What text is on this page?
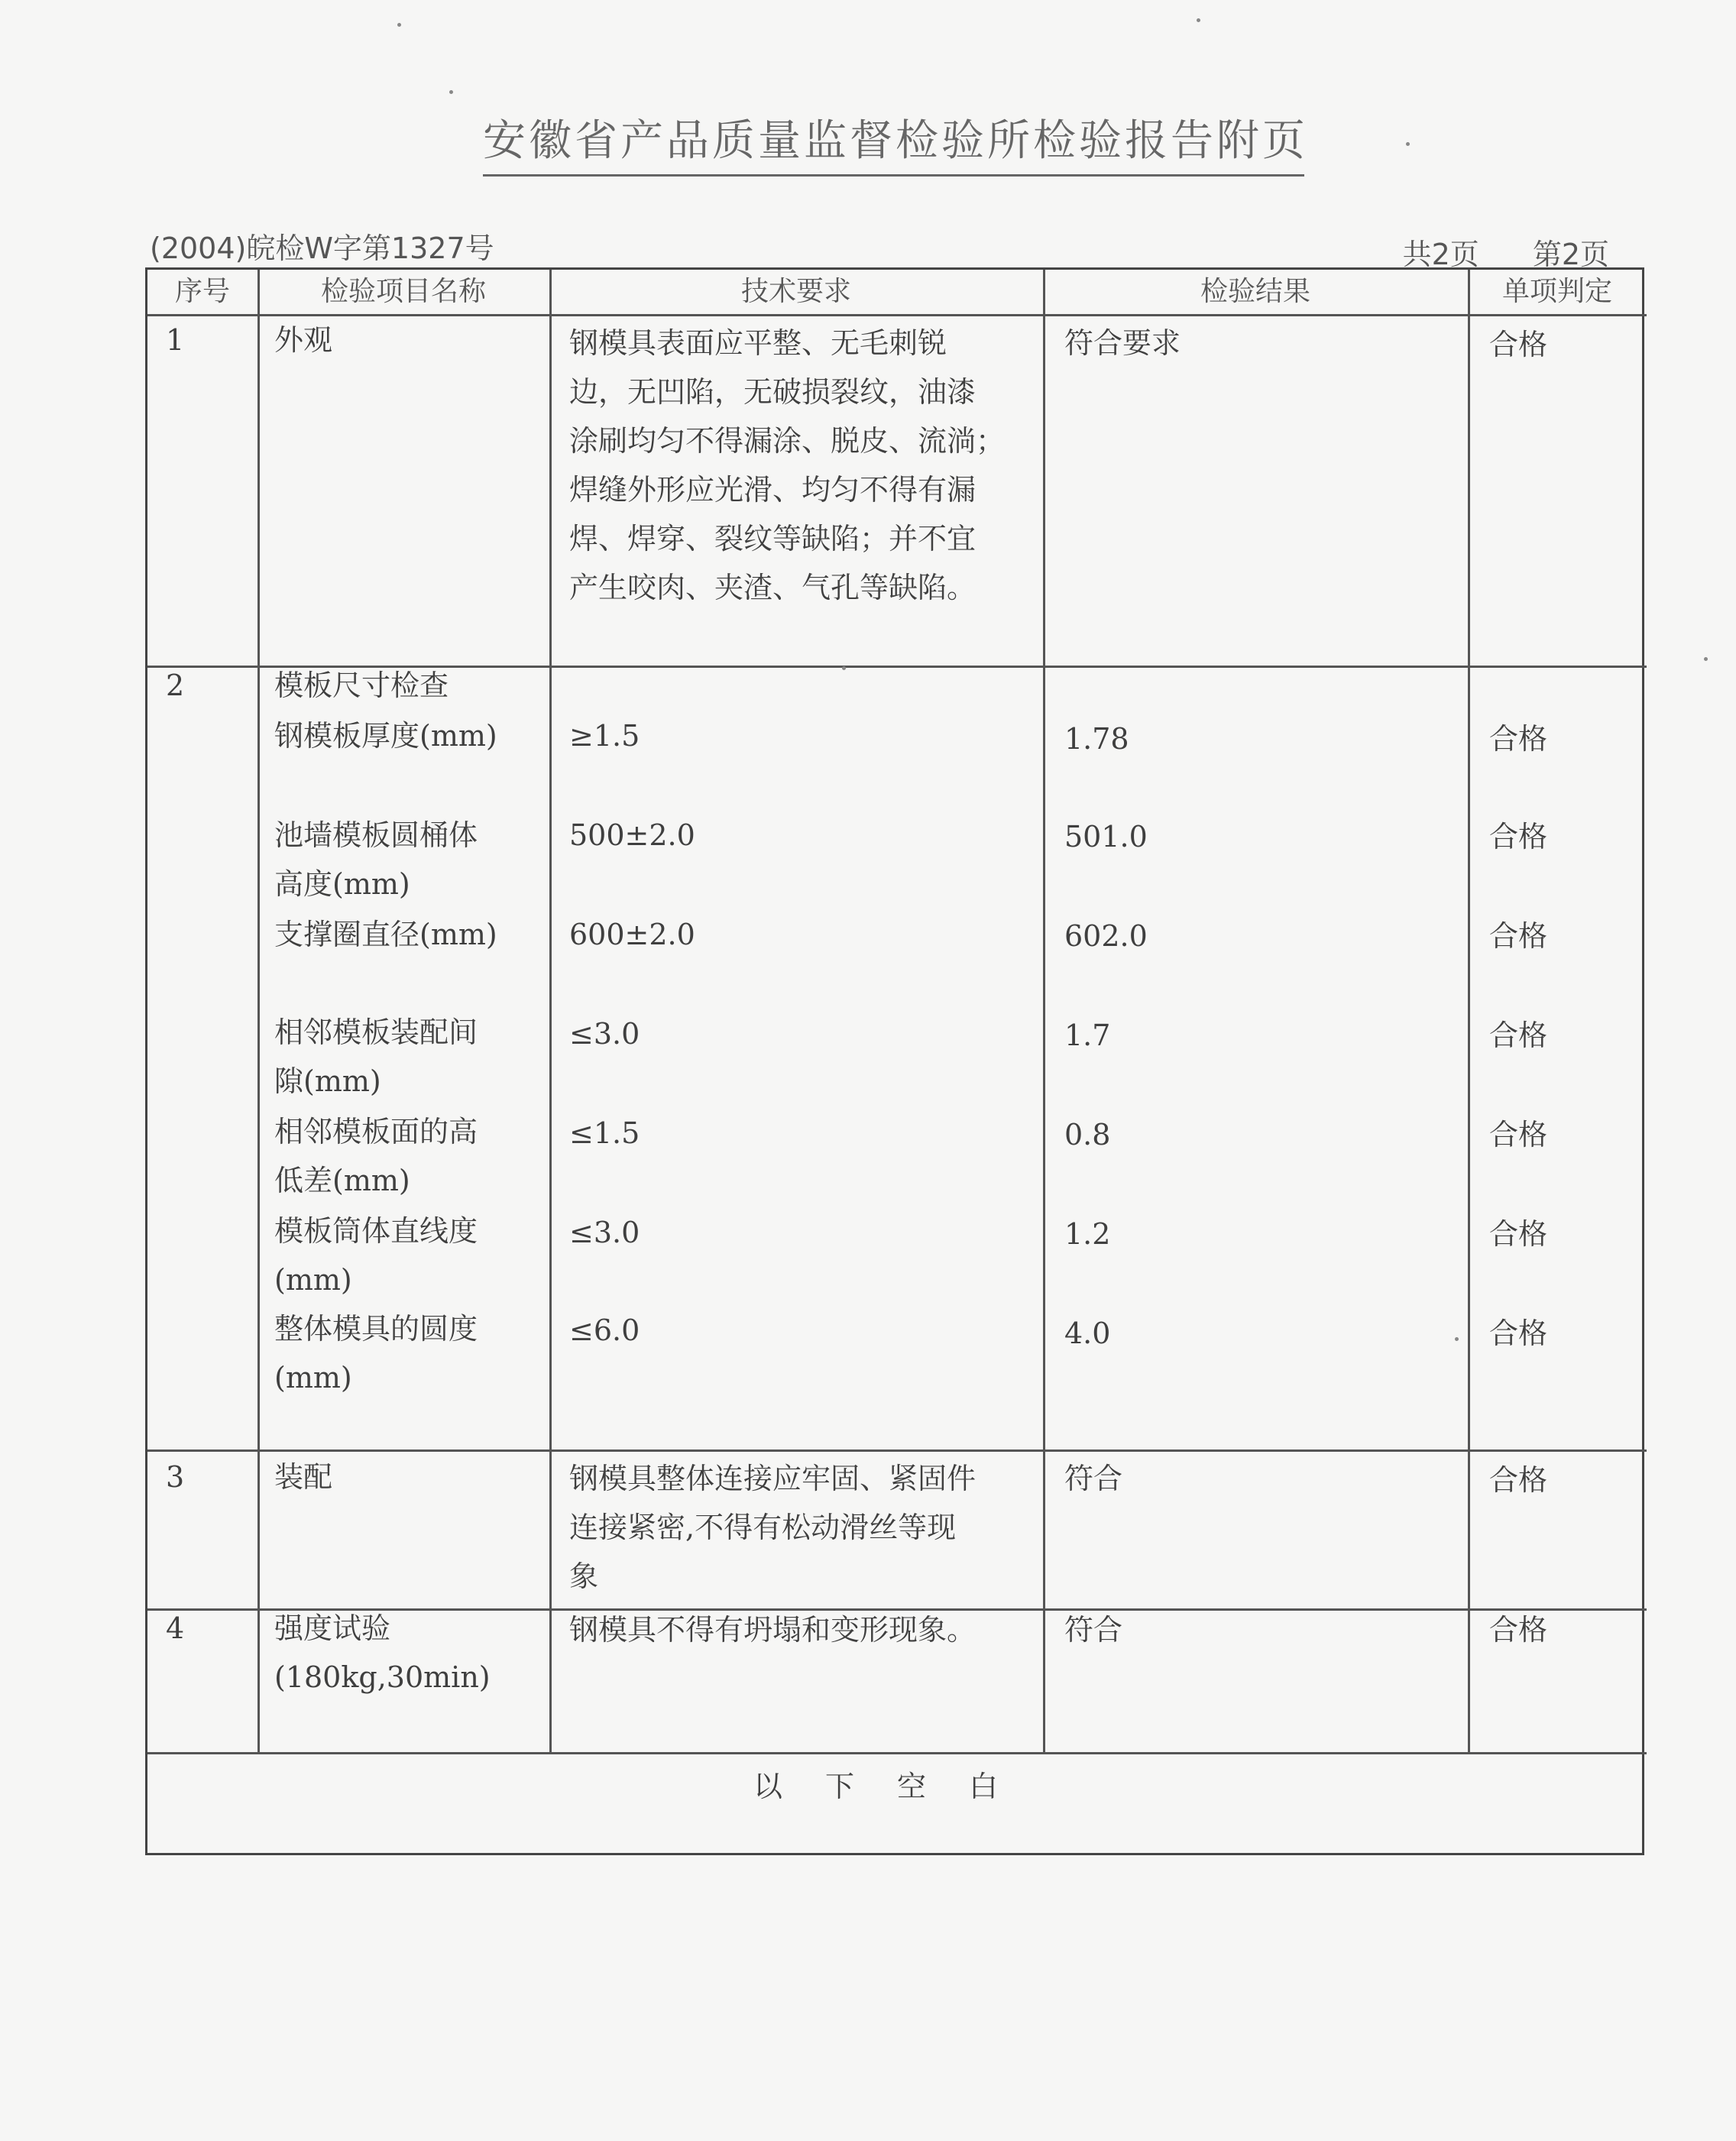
安徽省产品质量监督检验所检验报告附页
(2004)皖检W字第1327号	共2页 第2页
序号	检验项目名称	技术要求	检验结果	单项判定
1	外观	钢模具表面应平整、无毛刺锐
边，无凹陷，无破损裂纹，油漆
涂刷均匀不得漏涂、脱皮、流淌；
焊缝外形应光滑、均匀不得有漏
焊、焊穿、裂纹等缺陷；并不宜
产生咬肉、夹渣、气孔等缺陷。
符合要求	合格
2	模板尺寸检查
钢模板厚度(mm) ≥1.5	1.78	合格
池墙模板圆桶体
高度(mm)
500±2.0	501.0	合格
支撑圈直径(mm) 600±2.0	602.0	合格
相邻模板装配间
隙(mm)
≤3.0	1.7	合格
相邻模板面的高
低差(mm)
≤1.5	0.8	合格
模板筒体直线度
(mm)
≤3.0	1.2	合格
整体模具的圆度
(mm)
≤6.0	4.0	合格
3	装配	钢模具整体连接应牢固、紧固件
连接紧密,不得有松动滑丝等现
象
符合	合格
4	强度试验
(180kg,30min)
钢模具不得有坍塌和变形现象。	符合	合格
以下空白
